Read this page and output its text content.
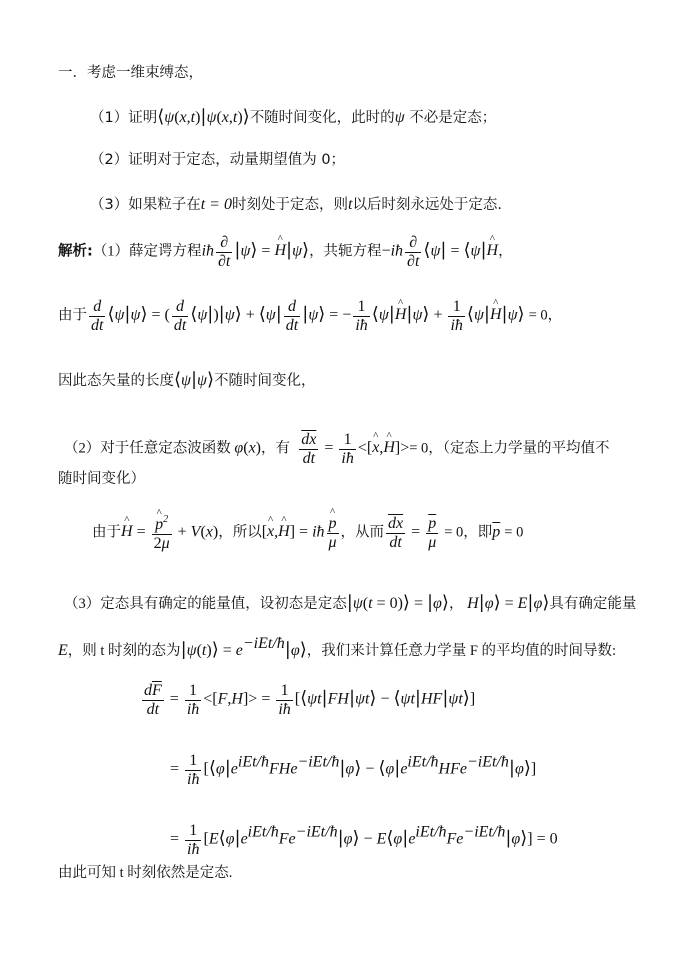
一．考虑一维束缚态，
（1）证明⟨ψ(x,t)|ψ(x,t)⟩不随时间变化，此时的ψ 不必是定态；
（2）证明对于定态，动量期望值为 0；
（3）如果粒子在t = 0时刻处于定态，则t以后时刻永远处于定态.
解析:（1）薛定谔方程iħ $\frac{\partial}{\partial t}$ |ψ⟩ = ^ H|ψ⟩，共轭方程−iħ $\frac{\partial}{\partial t}$ ⟨ψ| = ⟨ψ|^ H，
由于 $\frac{d}{dt}$ ⟨ψ|ψ⟩ = ( $\frac{d}{dt}$ ⟨ψ|)|ψ⟩ + ⟨ψ| $\frac{d}{dt}$ |ψ⟩ = − $\frac{1}{iħ}$ ⟨ψ|^ H|ψ⟩ + $\frac{1}{iħ}$ ⟨ψ|^ H|ψ⟩ = 0，
因此态矢量的长度⟨ψ|ψ⟩不随时间变化，
（2）对于任意定态波函数 φ(x)，有 $\frac{\overline{dx}}{dt} = \frac{1}{iħ}$ <[^ x,^ H]>= 0，（定态上力学量的平均值不
随时间变化）
由于^ H = ^ $\frac{p^2}{2\mu} + V(x)$，所以[^ x,^ H] = iħ ^ $\frac{p}{\mu}$ ，从而 $\frac{\overline{dx}}{dt} = \frac{\overline{p}}{\mu} = 0$，即$\overline{p} = 0$
（3）定态具有确定的能量值，设初态是定态|ψ(t = 0)⟩ = |φ⟩， H|φ⟩ = E|φ⟩具有确定能量
E，则 t 时刻的态为|ψ(t)⟩ = $e^{-iEt/ħ}|\varphi⟩$，我们来计算任意力学量 F 的平均值的时间导数:
$\frac{d\overline{F}}{dt} = \frac{1}{iħ} <[F,H]> = \frac{1}{iħ}$ [⟨ψt|FH|ψt⟩ − ⟨ψt|HF|ψt⟩]
= $\frac{1}{iħ}$ [$⟨\varphi|e^{iEt/ħ}FHe^{-iEt/ħ}|\varphi⟩$ − $⟨\varphi|e^{iEt/ħ}HFe^{-iEt/ħ}|\varphi⟩$]
= $\frac{1}{iħ}$ [$E⟨\varphi|e^{iEt/ħ}Fe^{-iEt/ħ}|\varphi⟩$ − $E⟨\varphi|e^{iEt/ħ}Fe^{-iEt/ħ}|\varphi⟩] = 0$
由此可知 t 时刻依然是定态.
